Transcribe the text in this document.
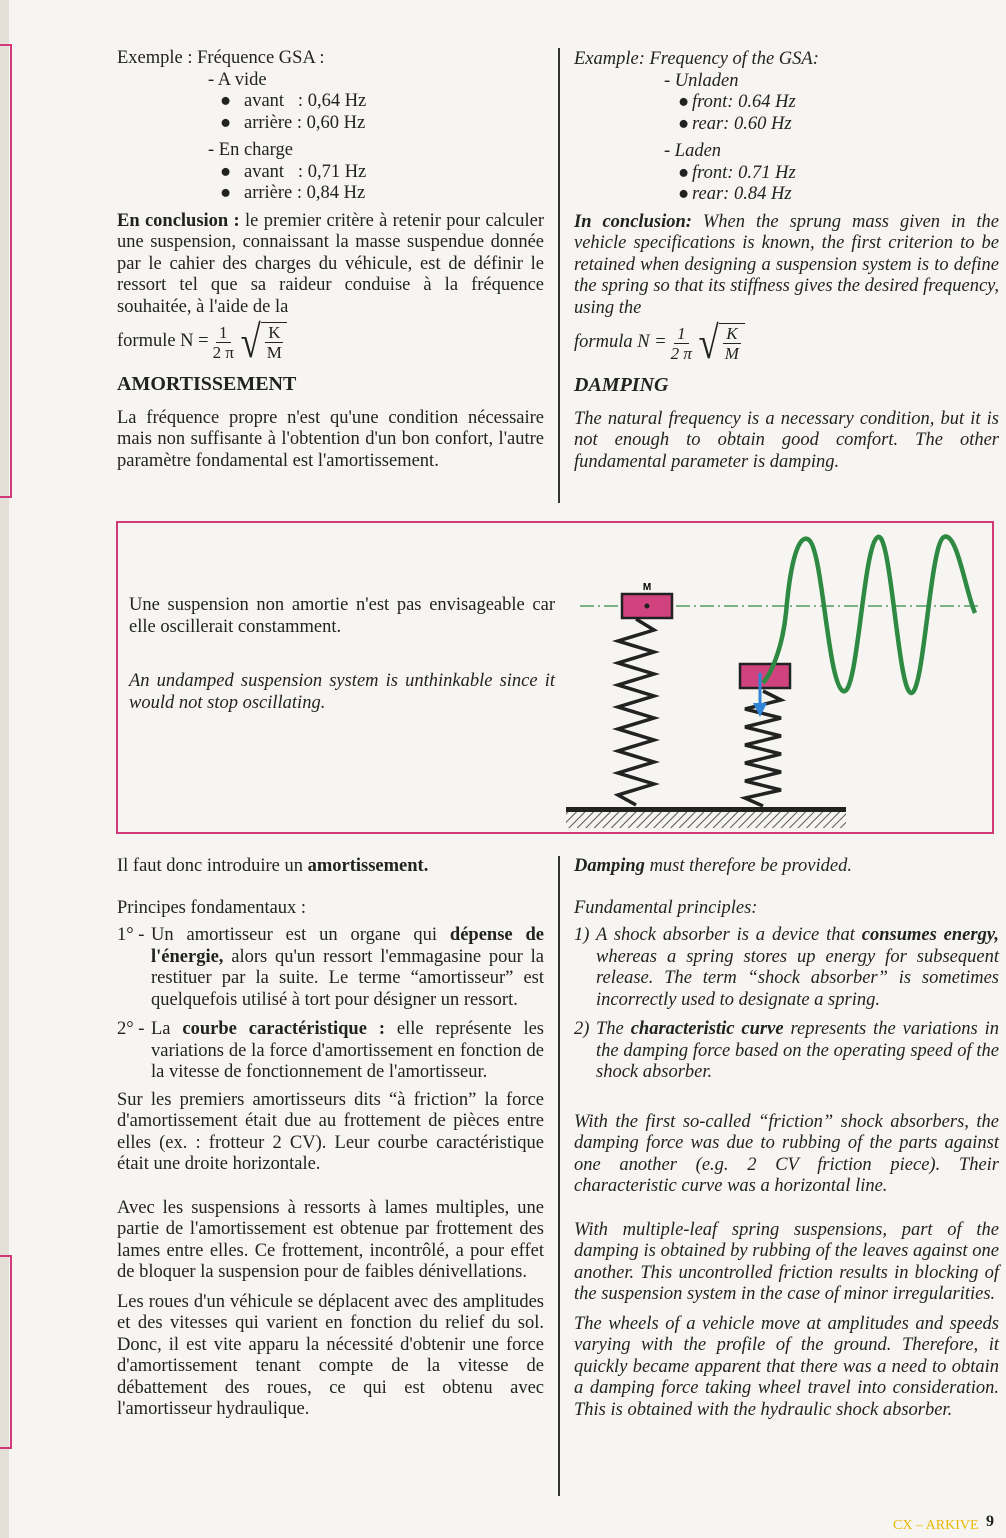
Exemple : Fréquence GSA :

- A vide

● avant   : 0,64 Hz

● arrière : 0,60 Hz

- En charge

● avant   : 0,71 Hz

● arrière : 0,84 Hz

En conclusion : le premier critère à retenir pour calculer une suspension, connaissant la masse suspendue donnée par le cahier des charges du véhicule, est de définir le ressort tel que sa raideur conduise à la fréquence souhaitée, à l'aide de la

formule $N = \frac{1}{2 \pi}$ √ K
M

AMORTISSEMENT

La fréquence propre n'est qu'une condition nécessaire mais non suffisante à l'obtention d'un bon confort, l'autre paramètre fondamental est l'amortissement.

Example: Frequency of the GSA:

- Unladen

● front: 0.64 Hz

● rear: 0.60 Hz

- Laden

● front: 0.71 Hz

● rear: 0.84 Hz

In conclusion: When the sprung mass given in the vehicle specifications is known, the first criterion to be retained when designing a suspension system is to define the spring so that its stiffness gives the desired frequency, using the

formula $N = \frac{1}{2 \pi}$ √ K
M

DAMPING

The natural frequency is a necessary condition, but it is not enough to obtain good comfort. The other fundamental parameter is damping.

Une suspension non amortie n'est pas envisageable car elle oscillerait constamment.
An undamped suspension system is unthinkable since it would not stop oscillating.
M

Il faut donc introduire un amortissement.

Principes fondamentaux :

1° - Un amortisseur est un organe qui dépense de l'énergie, alors qu'un ressort l'emmagasine pour la restituer par la suite. Le terme “amortisseur” est quelquefois utilisé à tort pour désigner un ressort.
2° - La courbe caractéristique : elle représente les variations de la force d'amortissement en fonction de la vitesse de fonctionnement de l'amortisseur.

Sur les premiers amortisseurs dits “à friction” la force d'amortissement était due au frottement de pièces entre elles (ex. : frotteur 2 CV). Leur courbe caractéristique était une droite horizontale.

Avec les suspensions à ressorts à lames multiples, une partie de l'amortissement est obtenue par frottement des lames entre elles. Ce frottement, incontrôlé, a pour effet de bloquer la suspension pour de faibles dénivellations.

Les roues d'un véhicule se déplacent avec des amplitudes et des vitesses qui varient en fonction du relief du sol. Donc, il est vite apparu la nécessité d'obtenir une force d'amortissement tenant compte de la vitesse de débattement des roues, ce qui est obtenu avec l'amortisseur hydraulique.

Damping must therefore be provided.

Fundamental principles:

1) A shock absorber is a device that consumes energy, whereas a spring stores up energy for subsequent release. The term “shock absorber” is sometimes incorrectly used to designate a spring.
2) The characteristic curve represents the variations in the damping force based on the operating speed of the shock absorber.

With the first so-called “friction” shock absorbers, the damping force was due to rubbing of the parts against one another (e.g. 2 CV friction piece). Their characteristic curve was a horizontal line.

With multiple-leaf spring suspensions, part of the damping is obtained by rubbing of the leaves against one another. This uncontrolled friction results in blocking of the suspension system in the case of minor irregularities.

The wheels of a vehicle move at amplitudes and speeds varying with the profile of the ground. Therefore, it quickly became apparent that there was a need to obtain a damping force taking wheel travel into consideration. This is obtained with the hydraulic shock absorber.

CX – ARKIVE 9
